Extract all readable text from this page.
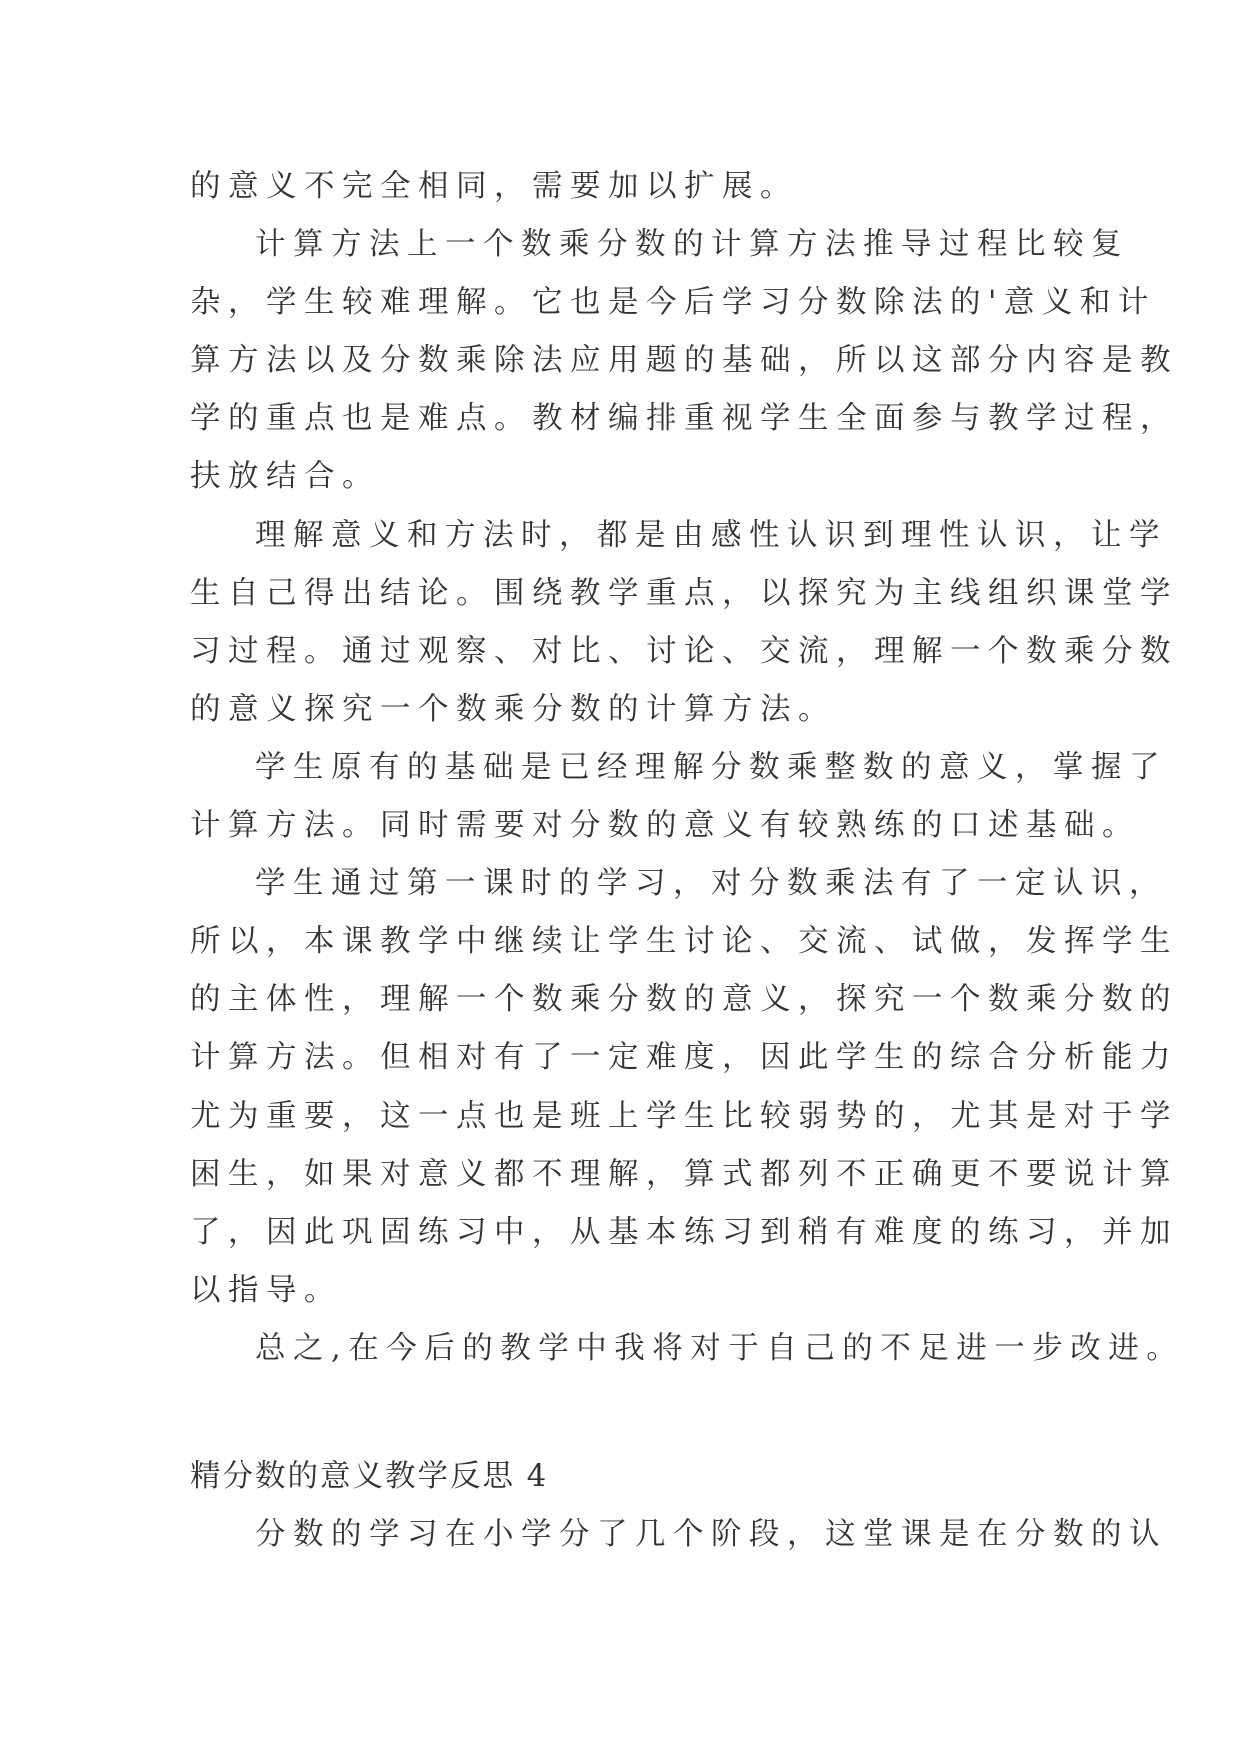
的意义不完全相同，需要加以扩展。
计算方法上一个数乘分数的计算方法推导过程比较复
杂，学生较难理解。它也是今后学习分数除法的'意义和计
算方法以及分数乘除法应用题的基础，所以这部分内容是教
学的重点也是难点。教材编排重视学生全面参与教学过程，
扶放结合。
理解意义和方法时，都是由感性认识到理性认识，让学
生自己得出结论。围绕教学重点，以探究为主线组织课堂学
习过程。通过观察、对比、讨论、交流，理解一个数乘分数
的意义探究一个数乘分数的计算方法。
学生原有的基础是已经理解分数乘整数的意义，掌握了
计算方法。同时需要对分数的意义有较熟练的口述基础。
学生通过第一课时的学习，对分数乘法有了一定认识，
所以，本课教学中继续让学生讨论、交流、试做，发挥学生
的主体性，理解一个数乘分数的意义，探究一个数乘分数的
计算方法。但相对有了一定难度，因此学生的综合分析能力
尤为重要，这一点也是班上学生比较弱势的，尤其是对于学
困生，如果对意义都不理解，算式都列不正确更不要说计算
了，因此巩固练习中，从基本练习到稍有难度的练习，并加
以指导。
总之,在今后的教学中我将对于自己的不足进一步改进。
精分数的意义教学反思 4
分数的学习在小学分了几个阶段，这堂课是在分数的认
